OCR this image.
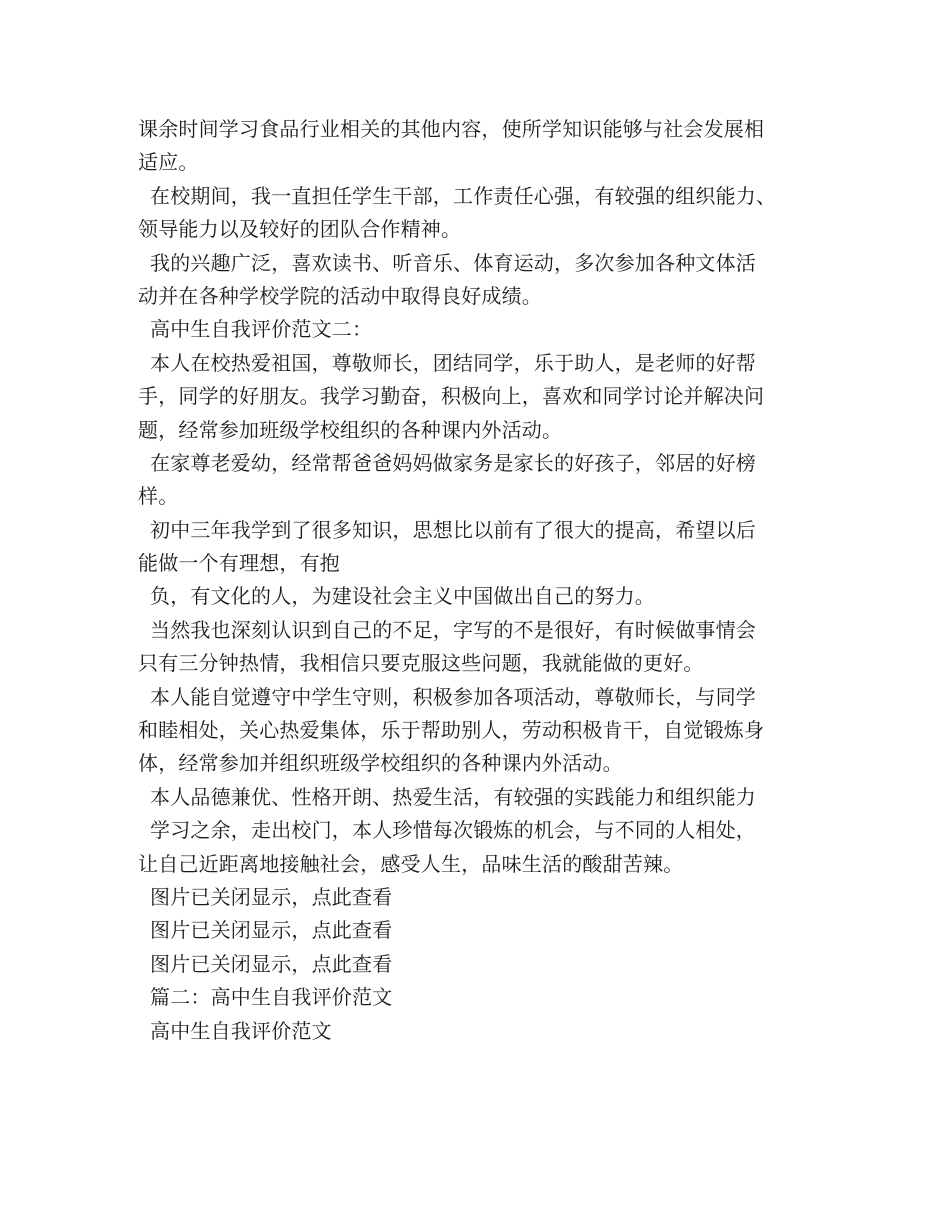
课余时间学习食品行业相关的其他内容，使所学知识能够与社会发展相
适应。
在校期间，我一直担任学生干部，工作责任心强，有较强的组织能力、
领导能力以及较好的团队合作精神。
我的兴趣广泛，喜欢读书、听音乐、体育运动，多次参加各种文体活
动并在各种学校学院的活动中取得良好成绩。
高中生自我评价范文二：
本人在校热爱祖国，尊敬师长，团结同学，乐于助人，是老师的好帮
手，同学的好朋友。我学习勤奋，积极向上，喜欢和同学讨论并解决问
题，经常参加班级学校组织的各种课内外活动。
在家尊老爱幼，经常帮爸爸妈妈做家务是家长的好孩子，邻居的好榜
样。
初中三年我学到了很多知识，思想比以前有了很大的提高，希望以后
能做一个有理想，有抱
负，有文化的人，为建设社会主义中国做出自己的努力。
当然我也深刻认识到自己的不足，字写的不是很好，有时候做事情会
只有三分钟热情，我相信只要克服这些问题，我就能做的更好。
本人能自觉遵守中学生守则，积极参加各项活动，尊敬师长，与同学
和睦相处，关心热爱集体，乐于帮助别人，劳动积极肯干，自觉锻炼身
体，经常参加并组织班级学校组织的各种课内外活动。
本人品德兼优、性格开朗、热爱生活，有较强的实践能力和组织能力
学习之余，走出校门，本人珍惜每次锻炼的机会，与不同的人相处，
让自己近距离地接触社会，感受人生，品味生活的酸甜苦辣。
图片已关闭显示，点此查看
图片已关闭显示，点此查看
图片已关闭显示，点此查看
篇二：高中生自我评价范文
高中生自我评价范文
